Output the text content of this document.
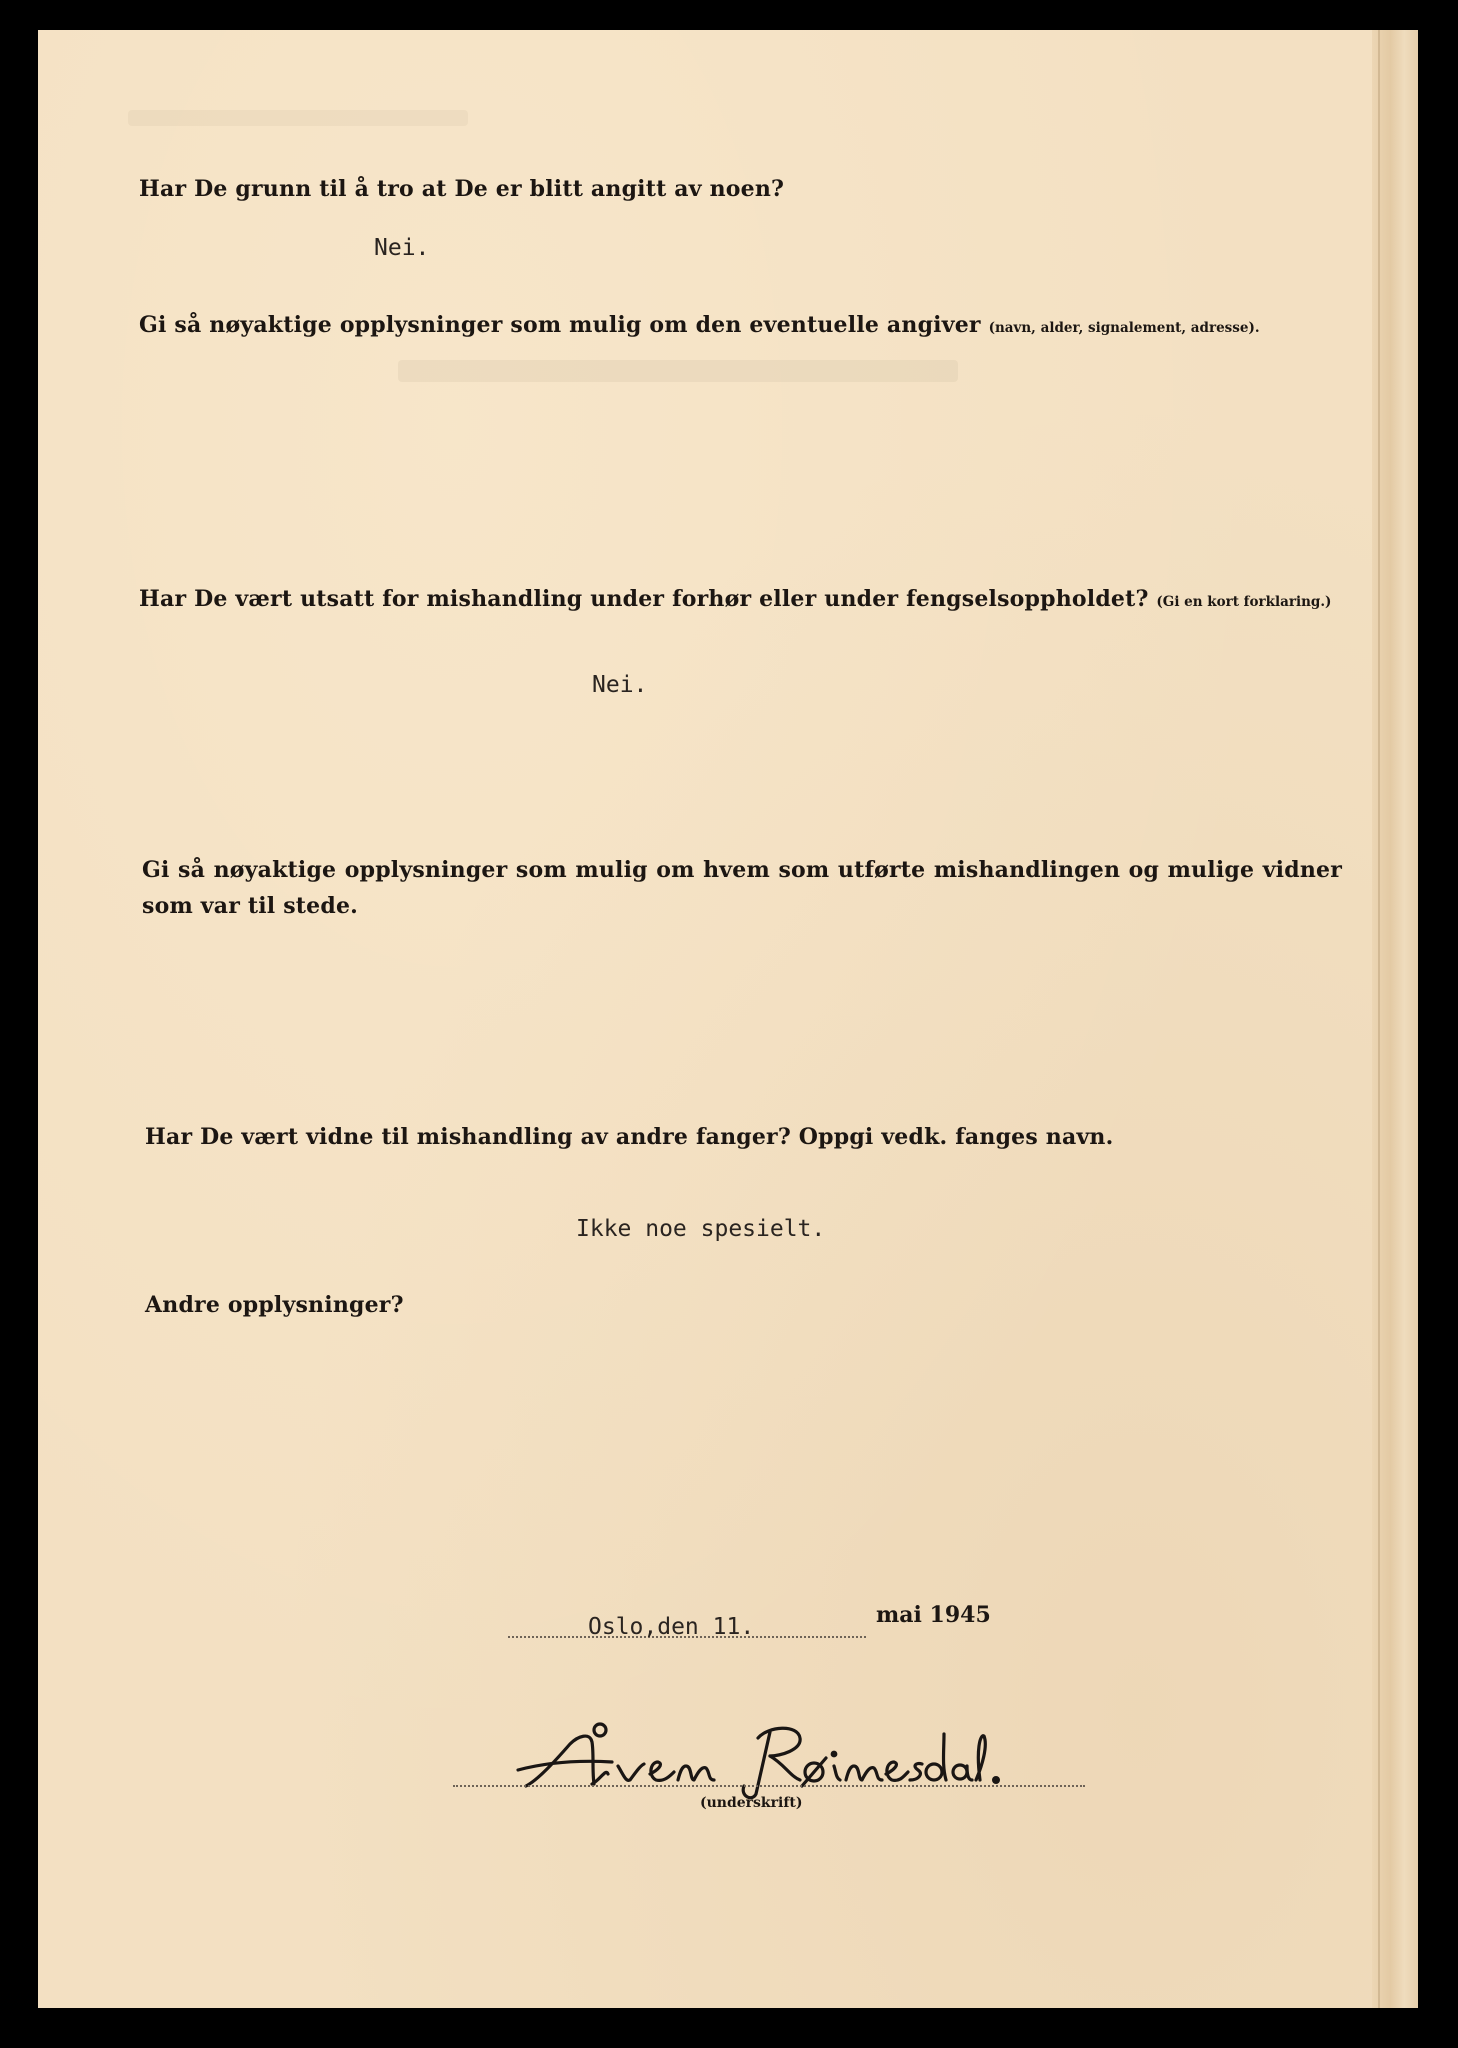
Har De grunn til å tro at De er blitt angitt av noen?
Nei.
Gi så nøyaktige opplysninger som mulig om den eventuelle angiver (navn, alder, signalement, adresse).
Har De vært utsatt for mishandling under forhør eller under fengselsoppholdet? (Gi en kort forklaring.)
Nei.
Gi så nøyaktige opplysninger som mulig om hvem som utførte mishandlingen og mulige vidner som var til stede.
Har De vært vidne til mishandling av andre fanger? Oppgi vedk. fanges navn.
Ikke noe spesielt.
Andre opplysninger?
Oslo,den 11.	mai 1945
(underskrift)
